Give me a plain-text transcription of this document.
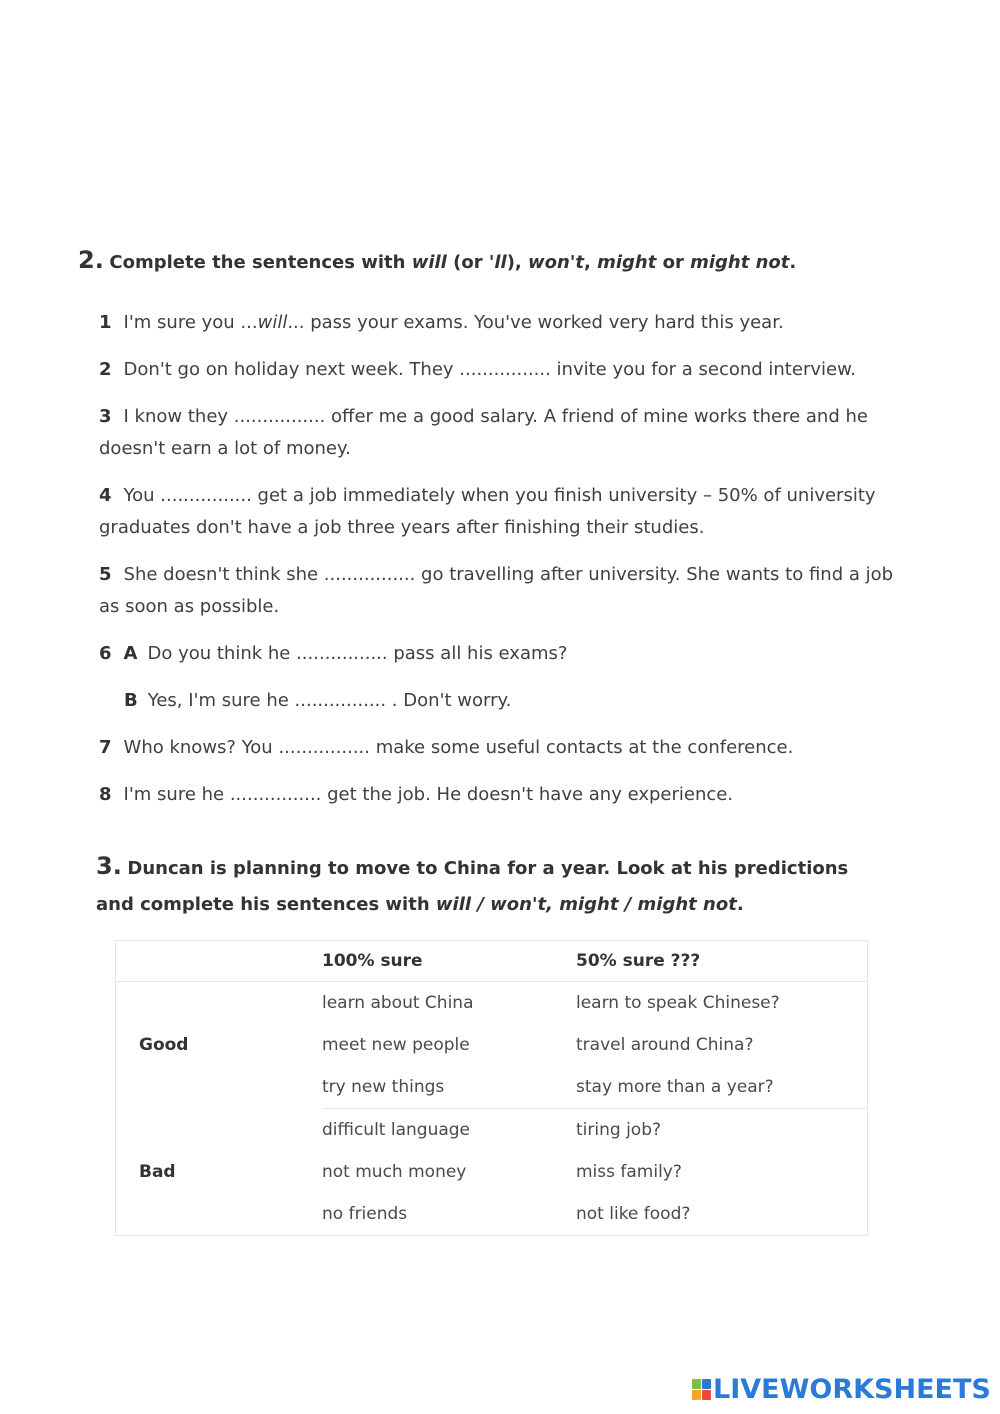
2. Complete the sentences with will (or 'll), won't, might or might not.
1 I'm sure you ...will... pass your exams. You've worked very hard this year.
2 Don't go on holiday next week. They ................ invite you for a second interview.
3 I know they ................ offer me a good salary. A friend of mine works there and he doesn't earn a lot of money.
4 You ................ get a job immediately when you finish university – 50% of university graduates don't have a job three years after finishing their studies.
5 She doesn't think she ................ go travelling after university. She wants to find a job as soon as possible.
6 A Do you think he ................ pass all his exams?
B Yes, I'm sure he ................ . Don't worry.
7 Who knows? You ................ make some useful contacts at the conference.
8 I'm sure he ................ get the job. He doesn't have any experience.
3. Duncan is planning to move to China for a year. Look at his predictions and complete his sentences with will / won't, might / might not.
	100% sure	50% sure ???
Good	learn about China	learn to speak Chinese?
	meet new people	travel around China?
	try new things	stay more than a year?
Bad	difficult language	tiring job?
	not much money	miss family?
	no friends	not like food?
LIVEWORKSHEETS
